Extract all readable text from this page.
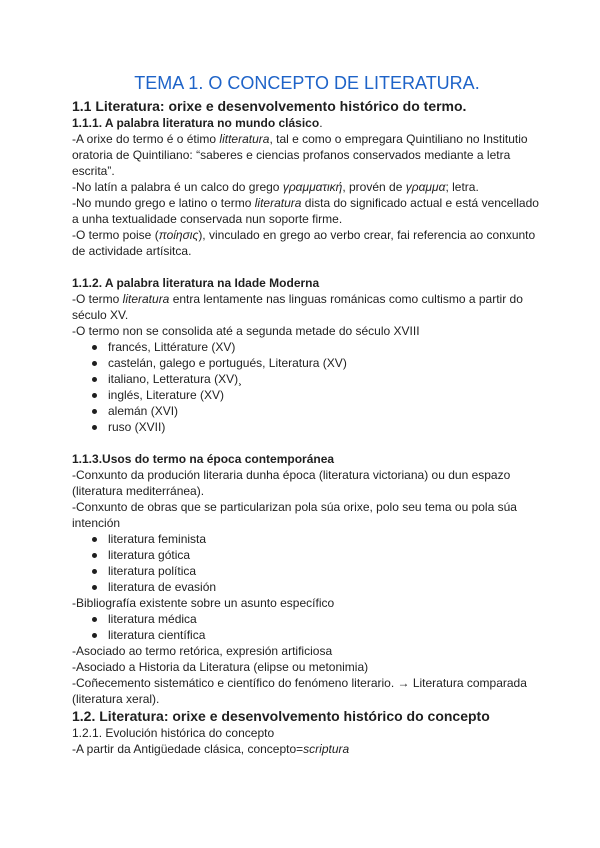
TEMA 1. O CONCEPTO DE LITERATURA.
1.1 Literatura: orixe e desenvolvemento histórico do termo.
1.1.1. A palabra literatura no mundo clásico.

-A orixe do termo é o étimo litteratura, tal e como o empregara Quintiliano no Institutio oratoria de Quintiliano: “saberes e ciencias profanos conservados mediante a letra escrita”.

-No latín a palabra é un calco do grego γραμματική, provén de γραμμα; letra.

-No mundo grego e latino o termo literatura dista do significado actual e está vencellado a unha textualidade conservada nun soporte firme.

-O termo poise (ποίησις), vinculado en grego ao verbo crear, fai referencia ao conxunto de actividade artísitca.

1.1.2. A palabra literatura na Idade Moderna

-O termo literatura entra lentamente nas linguas románicas como cultismo a partir do século XV.

-O termo non se consolida até a segunda metade do século XVIII

francés, Littérature (XV)
castelán, galego e portugués, Literatura (XV)
italiano, Letteratura (XV)¸
inglés, Literature (XV)
alemán (XVI)
ruso (XVII)
1.1.3.Usos do termo na época contemporánea

-Conxunto da produción literaria dunha época (literatura victoriana) ou dun espazo (literatura mediterránea).

-Conxunto de obras que se particularizan pola súa orixe, polo seu tema ou pola súa intención

literatura feminista
literatura gótica
literatura política
literatura de evasión

-Bibliografía existente sobre un asunto específico

literatura médica
literatura científica

-Asociado ao termo retórica, expresión artificiosa

-Asociado a Historia da Literatura (elipse ou metonimia)

-Coñecemento sistemático e científico do fenómeno literario. → Literatura comparada (literatura xeral).

1.2. Literatura: orixe e desenvolvemento histórico do concepto

1.2.1. Evolución histórica do concepto

-A partir da Antigüedade clásica, concepto=scriptura
